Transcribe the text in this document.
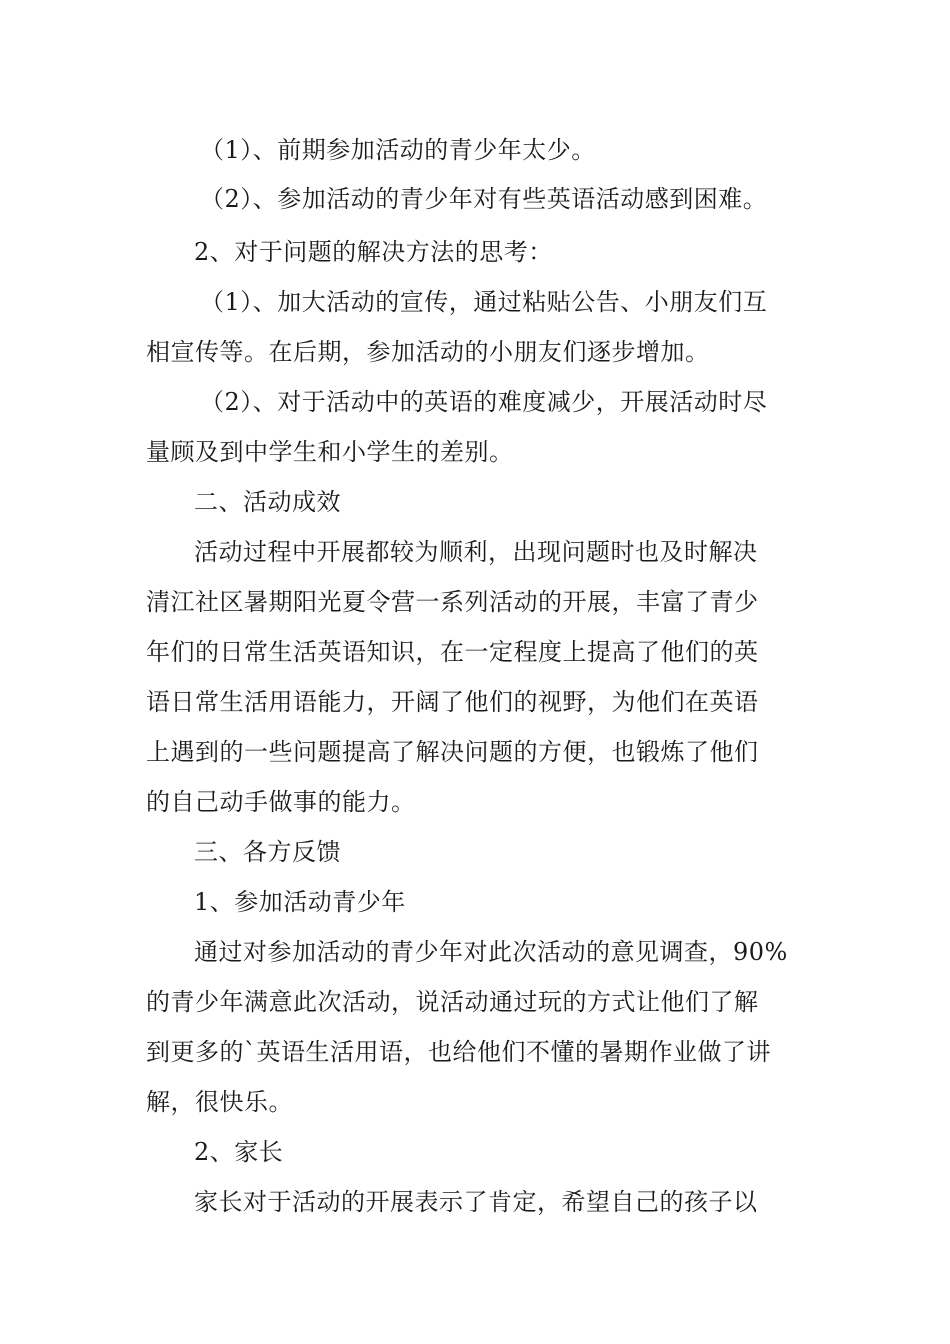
（1）、前期参加活动的青少年太少。
（2）、参加活动的青少年对有些英语活动感到困难。
2、对于问题的解决方法的思考：
（1）、加大活动的宣传，通过粘贴公告、小朋友们互
相宣传等。在后期，参加活动的小朋友们逐步增加。
（2）、对于活动中的英语的难度减少，开展活动时尽
量顾及到中学生和小学生的差别。
二、活动成效
活动过程中开展都较为顺利，出现问题时也及时解决
清江社区暑期阳光夏令营一系列活动的开展，丰富了青少
年们的日常生活英语知识，在一定程度上提高了他们的英
语日常生活用语能力，开阔了他们的视野，为他们在英语
上遇到的一些问题提高了解决问题的方便，也锻炼了他们
的自己动手做事的能力。
三、各方反馈
1、参加活动青少年
通过对参加活动的青少年对此次活动的意见调查，90%
的青少年满意此次活动，说活动通过玩的方式让他们了解
到更多的`英语生活用语，也给他们不懂的暑期作业做了讲
解，很快乐。
2、家长
家长对于活动的开展表示了肯定，希望自己的孩子以
